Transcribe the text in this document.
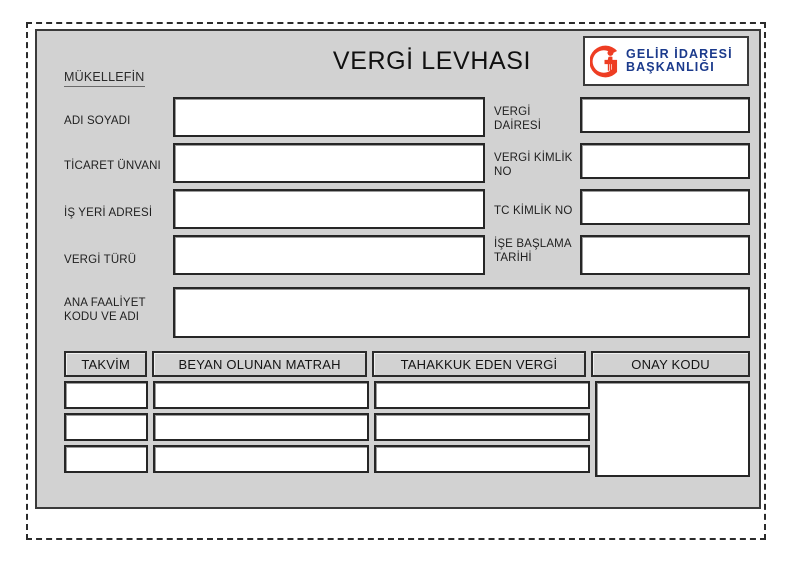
VERGİ LEVHASI
MÜKELLEFİN
GELİR İDARESİ
BAŞKANLIĞI
ADI SOYADI
TİCARET ÜNVANI
İŞ YERİ ADRESİ
VERGİ TÜRÜ
VERGİ DAİRESİ
VERGİ KİMLİK NO
TC KİMLİK NO
İŞE BAŞLAMA TARİHİ
ANA FAALİYET
KODU VE ADI
TAKVİM	BEYAN OLUNAN MATRAH	TAHAKKUK EDEN VERGİ	ONAY KODU
